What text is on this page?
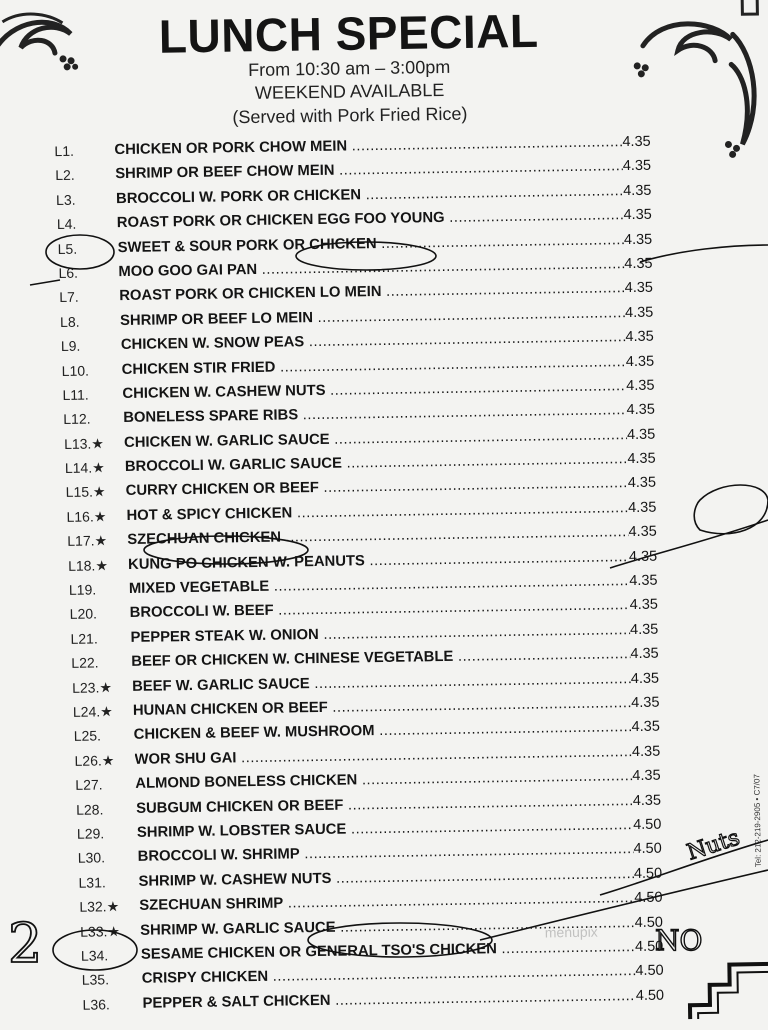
LUNCH SPECIAL
From 10:30 am – 3:00pm
WEEKEND AVAILABLE
(Served with Pork Fried Rice)
L1.	CHICKEN OR PORK CHOW MEIN .....	4.35
L2.	SHRIMP OR BEEF CHOW MEIN .....	4.35
L3.	BROCCOLI W. PORK OR CHICKEN .....	4.35
L4.	ROAST PORK OR CHICKEN EGG FOO YOUNG .....	4.35
L5.	SWEET & SOUR PORK OR CHICKEN .....	4.35
L6.	MOO GOO GAI PAN .....	4.35
L7.	ROAST PORK OR CHICKEN LO MEIN .....	4.35
L8.	SHRIMP OR BEEF LO MEIN .....	4.35
L9.	CHICKEN W. SNOW PEAS .....	4.35
L10.	CHICKEN STIR FRIED .....	4.35
L11.	CHICKEN W. CASHEW NUTS .....	4.35
L12.	BONELESS SPARE RIBS .....	4.35
L13.★	CHICKEN W. GARLIC SAUCE .....	4.35
L14.★	BROCCOLI W. GARLIC SAUCE .....	4.35
L15.★	CURRY CHICKEN OR BEEF .....	4.35
L16.★	HOT & SPICY CHICKEN .....	4.35
L17.★	SZECHUAN CHICKEN .....	4.35
L18.★	KUNG PO CHICKEN W. PEANUTS .....	4.35
L19.	MIXED VEGETABLE .....	4.35
L20.	BROCCOLI W. BEEF .....	4.35
L21.	PEPPER STEAK W. ONION .....	4.35
L22.	BEEF OR CHICKEN W. CHINESE VEGETABLE .....	4.35
L23.★	BEEF W. GARLIC SAUCE .....	4.35
L24.★	HUNAN CHICKEN OR BEEF .....	4.35
L25.	CHICKEN & BEEF W. MUSHROOM .....	4.35
L26.★	WOR SHU GAI .....	4.35
L27.	ALMOND BONELESS CHICKEN .....	4.35
L28.	SUBGUM CHICKEN OR BEEF .....	4.35
L29.	SHRIMP W. LOBSTER SAUCE .....	4.50
L30.	BROCCOLI W. SHRIMP .....	4.50
L31.	SHRIMP W. CASHEW NUTS .....	4.50
L32.★	SZECHUAN SHRIMP .....	4.50
L33.★	SHRIMP W. GARLIC SAUCE .....	4.50
L34.	SESAME CHICKEN OR GENERAL TSO'S CHICKEN .....	4.50
L35.	CRISPY CHICKEN .....	4.50
L36.	PEPPER & SALT CHICKEN .....	4.50
menupix
Tel: 212-219-2905 • C7/07
2	NO
Nuts
